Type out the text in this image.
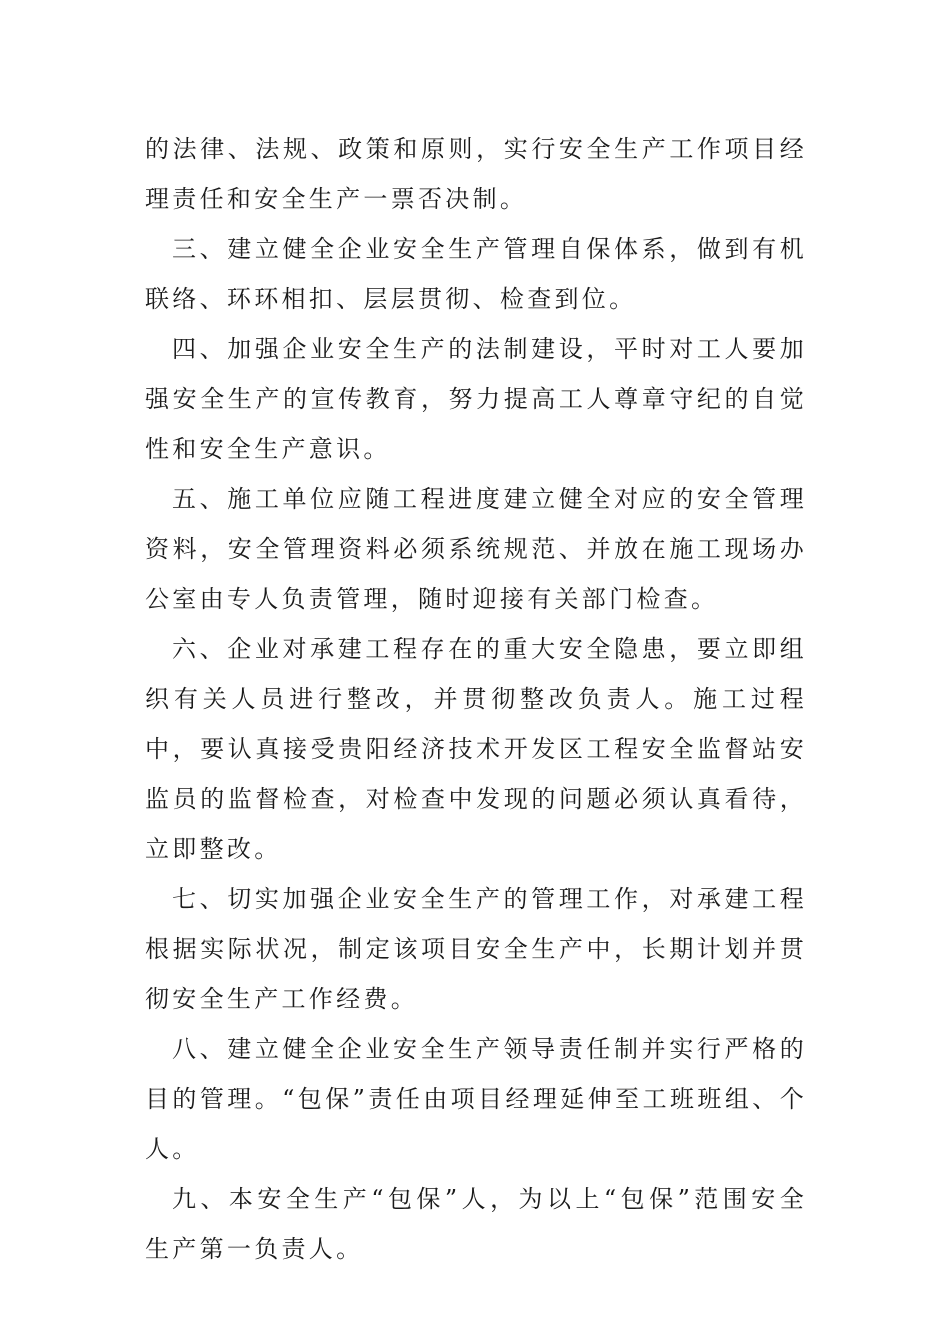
的法律、法规、政策和原则，实行安全生产工作项目经理责任和安全生产一票否决制。

三、建立健全企业安全生产管理自保体系，做到有机联络、环环相扣、层层贯彻、检查到位。

四、加强企业安全生产的法制建设，平时对工人要加强安全生产的宣传教育，努力提高工人尊章守纪的自觉性和安全生产意识。

五、施工单位应随工程进度建立健全对应的安全管理资料，安全管理资料必须系统规范、并放在施工现场办公室由专人负责管理，随时迎接有关部门检查。

六、企业对承建工程存在的重大安全隐患，要立即组织有关人员进行整改，并贯彻整改负责人。施工过程中，要认真接受贵阳经济技术开发区工程安全监督站安监员的监督检查，对检查中发现的问题必须认真看待，立即整改。

七、切实加强企业安全生产的管理工作，对承建工程根据实际状况，制定该项目安全生产中，长期计划并贯彻安全生产工作经费。

八、建立健全企业安全生产领导责任制并实行严格的目的管理。“包保”责任由项目经理延伸至工班班组、个人。

九、本安全生产“包保”人，为以上“包保”范围安全生产第一负责人。
